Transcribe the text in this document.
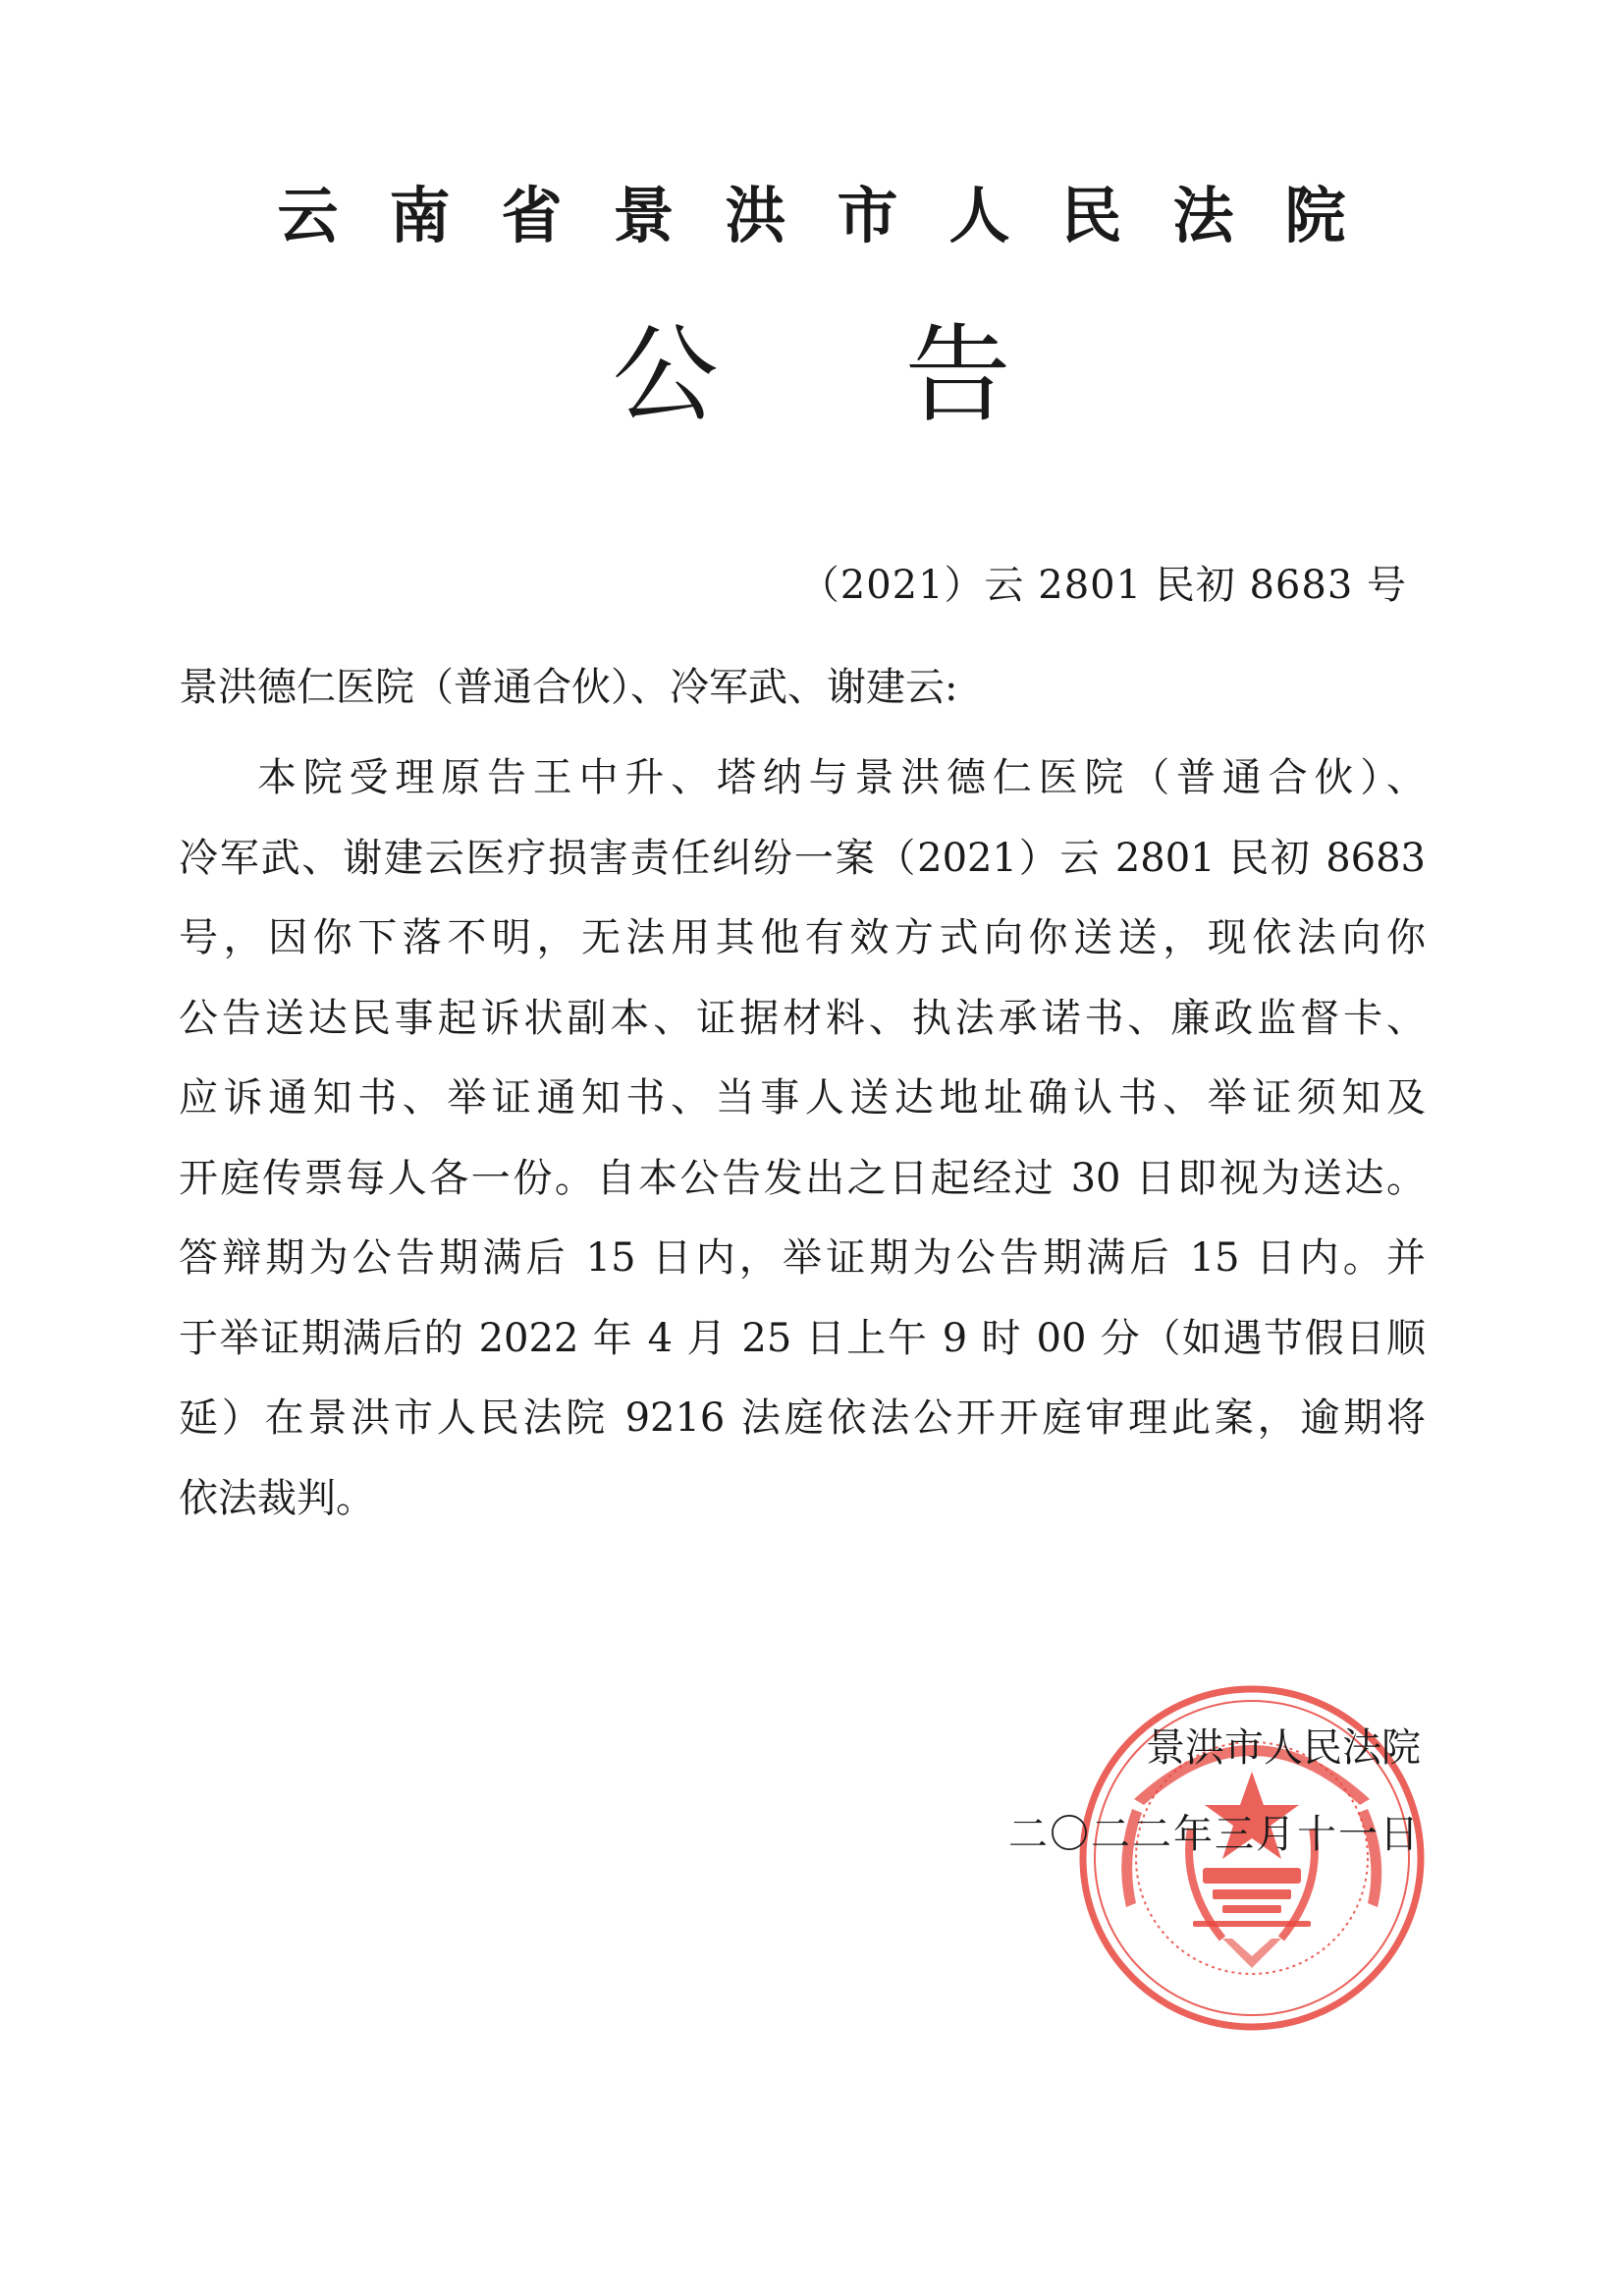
云南省景洪市人民法院
公告
（2021）云 2801 民初 8683 号
景洪德仁医院（普通合伙）、冷军武、谢建云:
本院受理原告王中升、塔纳与景洪德仁医院（普通合伙）、
冷军武、谢建云医疗损害责任纠纷一案（2021）云 2801 民初 8683
号，因你下落不明，无法用其他有效方式向你送送，现依法向你
公告送达民事起诉状副本、证据材料、执法承诺书、廉政监督卡、
应诉通知书、举证通知书、当事人送达地址确认书、举证须知及
开庭传票每人各一份。自本公告发出之日起经过 30 日即视为送达。
答辩期为公告期满后 15 日内，举证期为公告期满后 15 日内。并
于举证期满后的 2022 年 4 月 25 日上午 9 时 00 分（如遇节假日顺
延）在景洪市人民法院 9216 法庭依法公开开庭审理此案，逾期将
依法裁判。
景洪市人民法院
二〇二二年三月十一日
